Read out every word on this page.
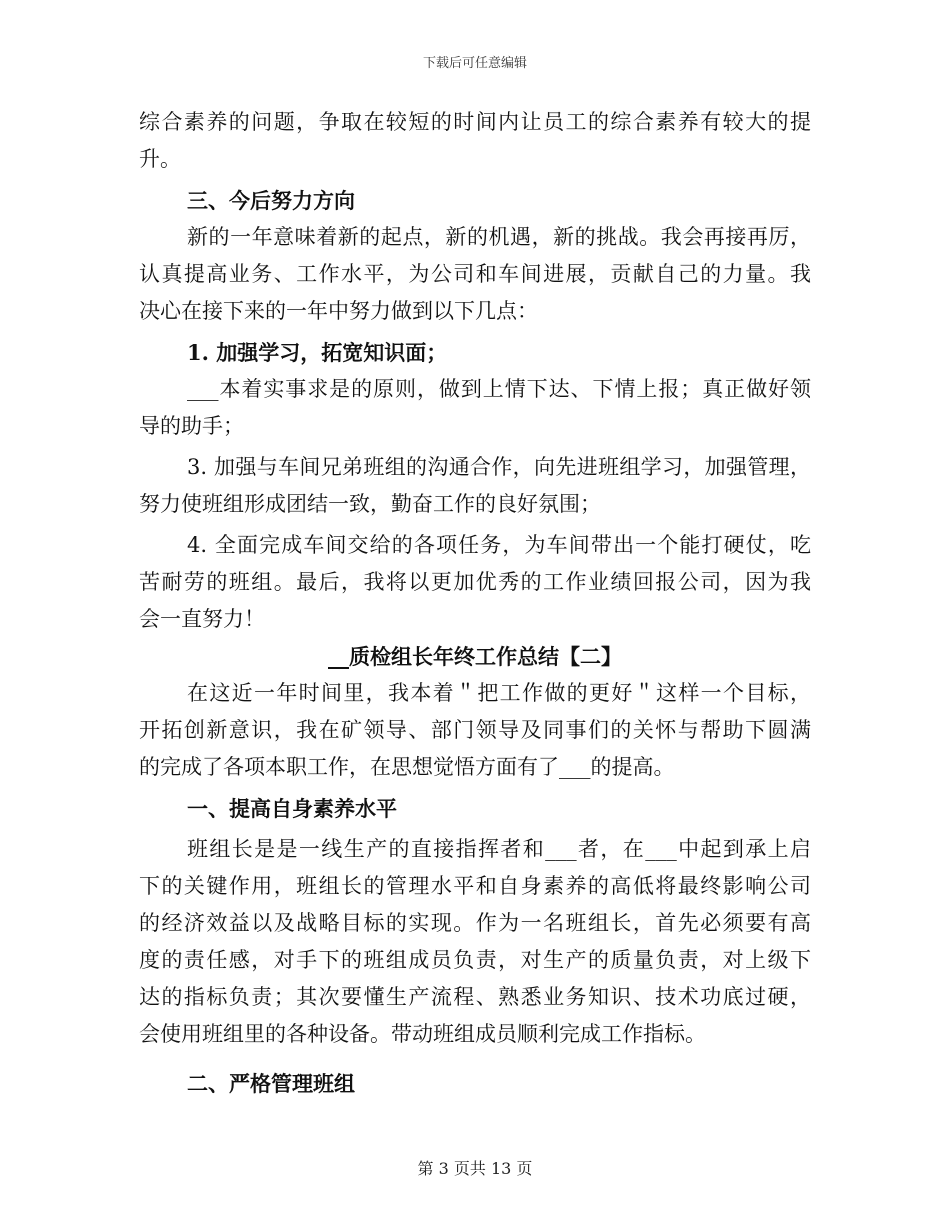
下载后可任意编辑
综合素养的问题，争取在较短的时间内让员工的综合素养有较大的提
升。
三、今后努力方向
新的一年意味着新的起点，新的机遇，新的挑战。我会再接再厉，
认真提高业务、工作水平，为公司和车间进展，贡献自己的力量。我
决心在接下来的一年中努力做到以下几点：
1. 加强学习，拓宽知识面；
___本着实事求是的原则，做到上情下达、下情上报；真正做好领
导的助手；
3. 加强与车间兄弟班组的沟通合作，向先进班组学习，加强管理，
努力使班组形成团结一致，勤奋工作的良好氛围；
4. 全面完成车间交给的各项任务，为车间带出一个能打硬仗，吃
苦耐劳的班组。最后，我将以更加优秀的工作业绩回报公司，因为我
会一直努力！
__质检组长年终工作总结【二】
在这近一年时间里，我本着＂把工作做的更好＂这样一个目标，
开拓创新意识，我在矿领导、部门领导及同事们的关怀与帮助下圆满
的完成了各项本职工作，在思想觉悟方面有了___的提高。
一、提高自身素养水平
班组长是是一线生产的直接指挥者和___者，在___中起到承上启
下的关键作用，班组长的管理水平和自身素养的高低将最终影响公司
的经济效益以及战略目标的实现。作为一名班组长，首先必须要有高
度的责任感，对手下的班组成员负责，对生产的质量负责，对上级下
达的指标负责；其次要懂生产流程、熟悉业务知识、技术功底过硬，
会使用班组里的各种设备。带动班组成员顺利完成工作指标。
二、严格管理班组
第 3 页共 13 页
